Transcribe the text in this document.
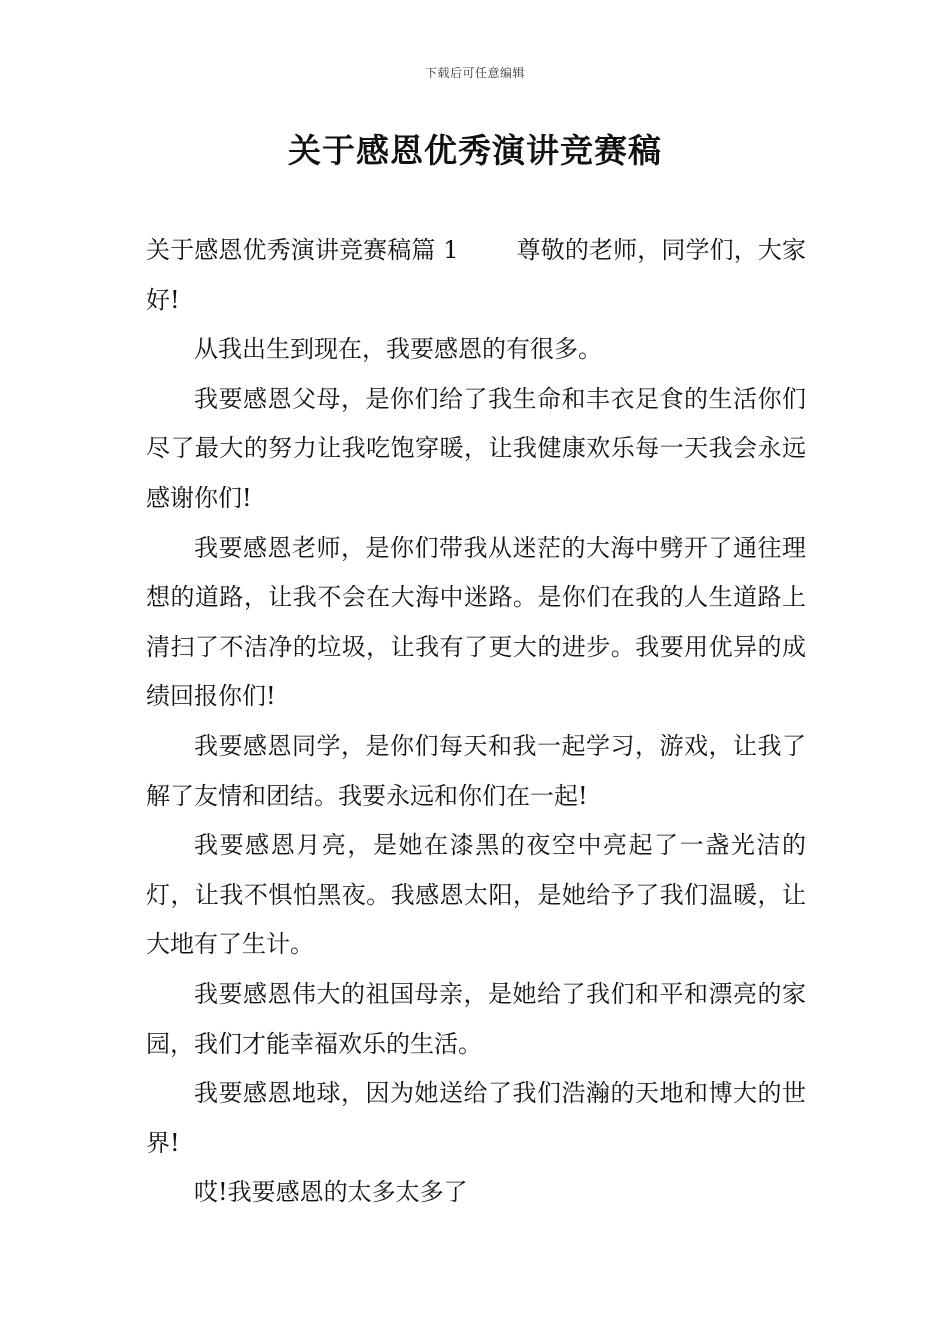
下载后可任意编辑
关于感恩优秀演讲竞赛稿

关于感恩优秀演讲竞赛稿篇 1 尊敬的老师，同学们，大家好!

从我出生到现在，我要感恩的有很多。

我要感恩父母，是你们给了我生命和丰衣足食的生活你们尽了最大的努力让我吃饱穿暖，让我健康欢乐每一天我会永远感谢你们!

我要感恩老师，是你们带我从迷茫的大海中劈开了通往理想的道路，让我不会在大海中迷路。是你们在我的人生道路上清扫了不洁净的垃圾，让我有了更大的进步。我要用优异的成绩回报你们!

我要感恩同学，是你们每天和我一起学习，游戏，让我了解了友情和团结。我要永远和你们在一起!

我要感恩月亮，是她在漆黑的夜空中亮起了一盏光洁的灯，让我不惧怕黑夜。我感恩太阳，是她给予了我们温暖，让大地有了生计。

我要感恩伟大的祖国母亲，是她给了我们和平和漂亮的家园，我们才能幸福欢乐的生活。

我要感恩地球，因为她送给了我们浩瀚的天地和博大的世界!

哎!我要感恩的太多太多了
